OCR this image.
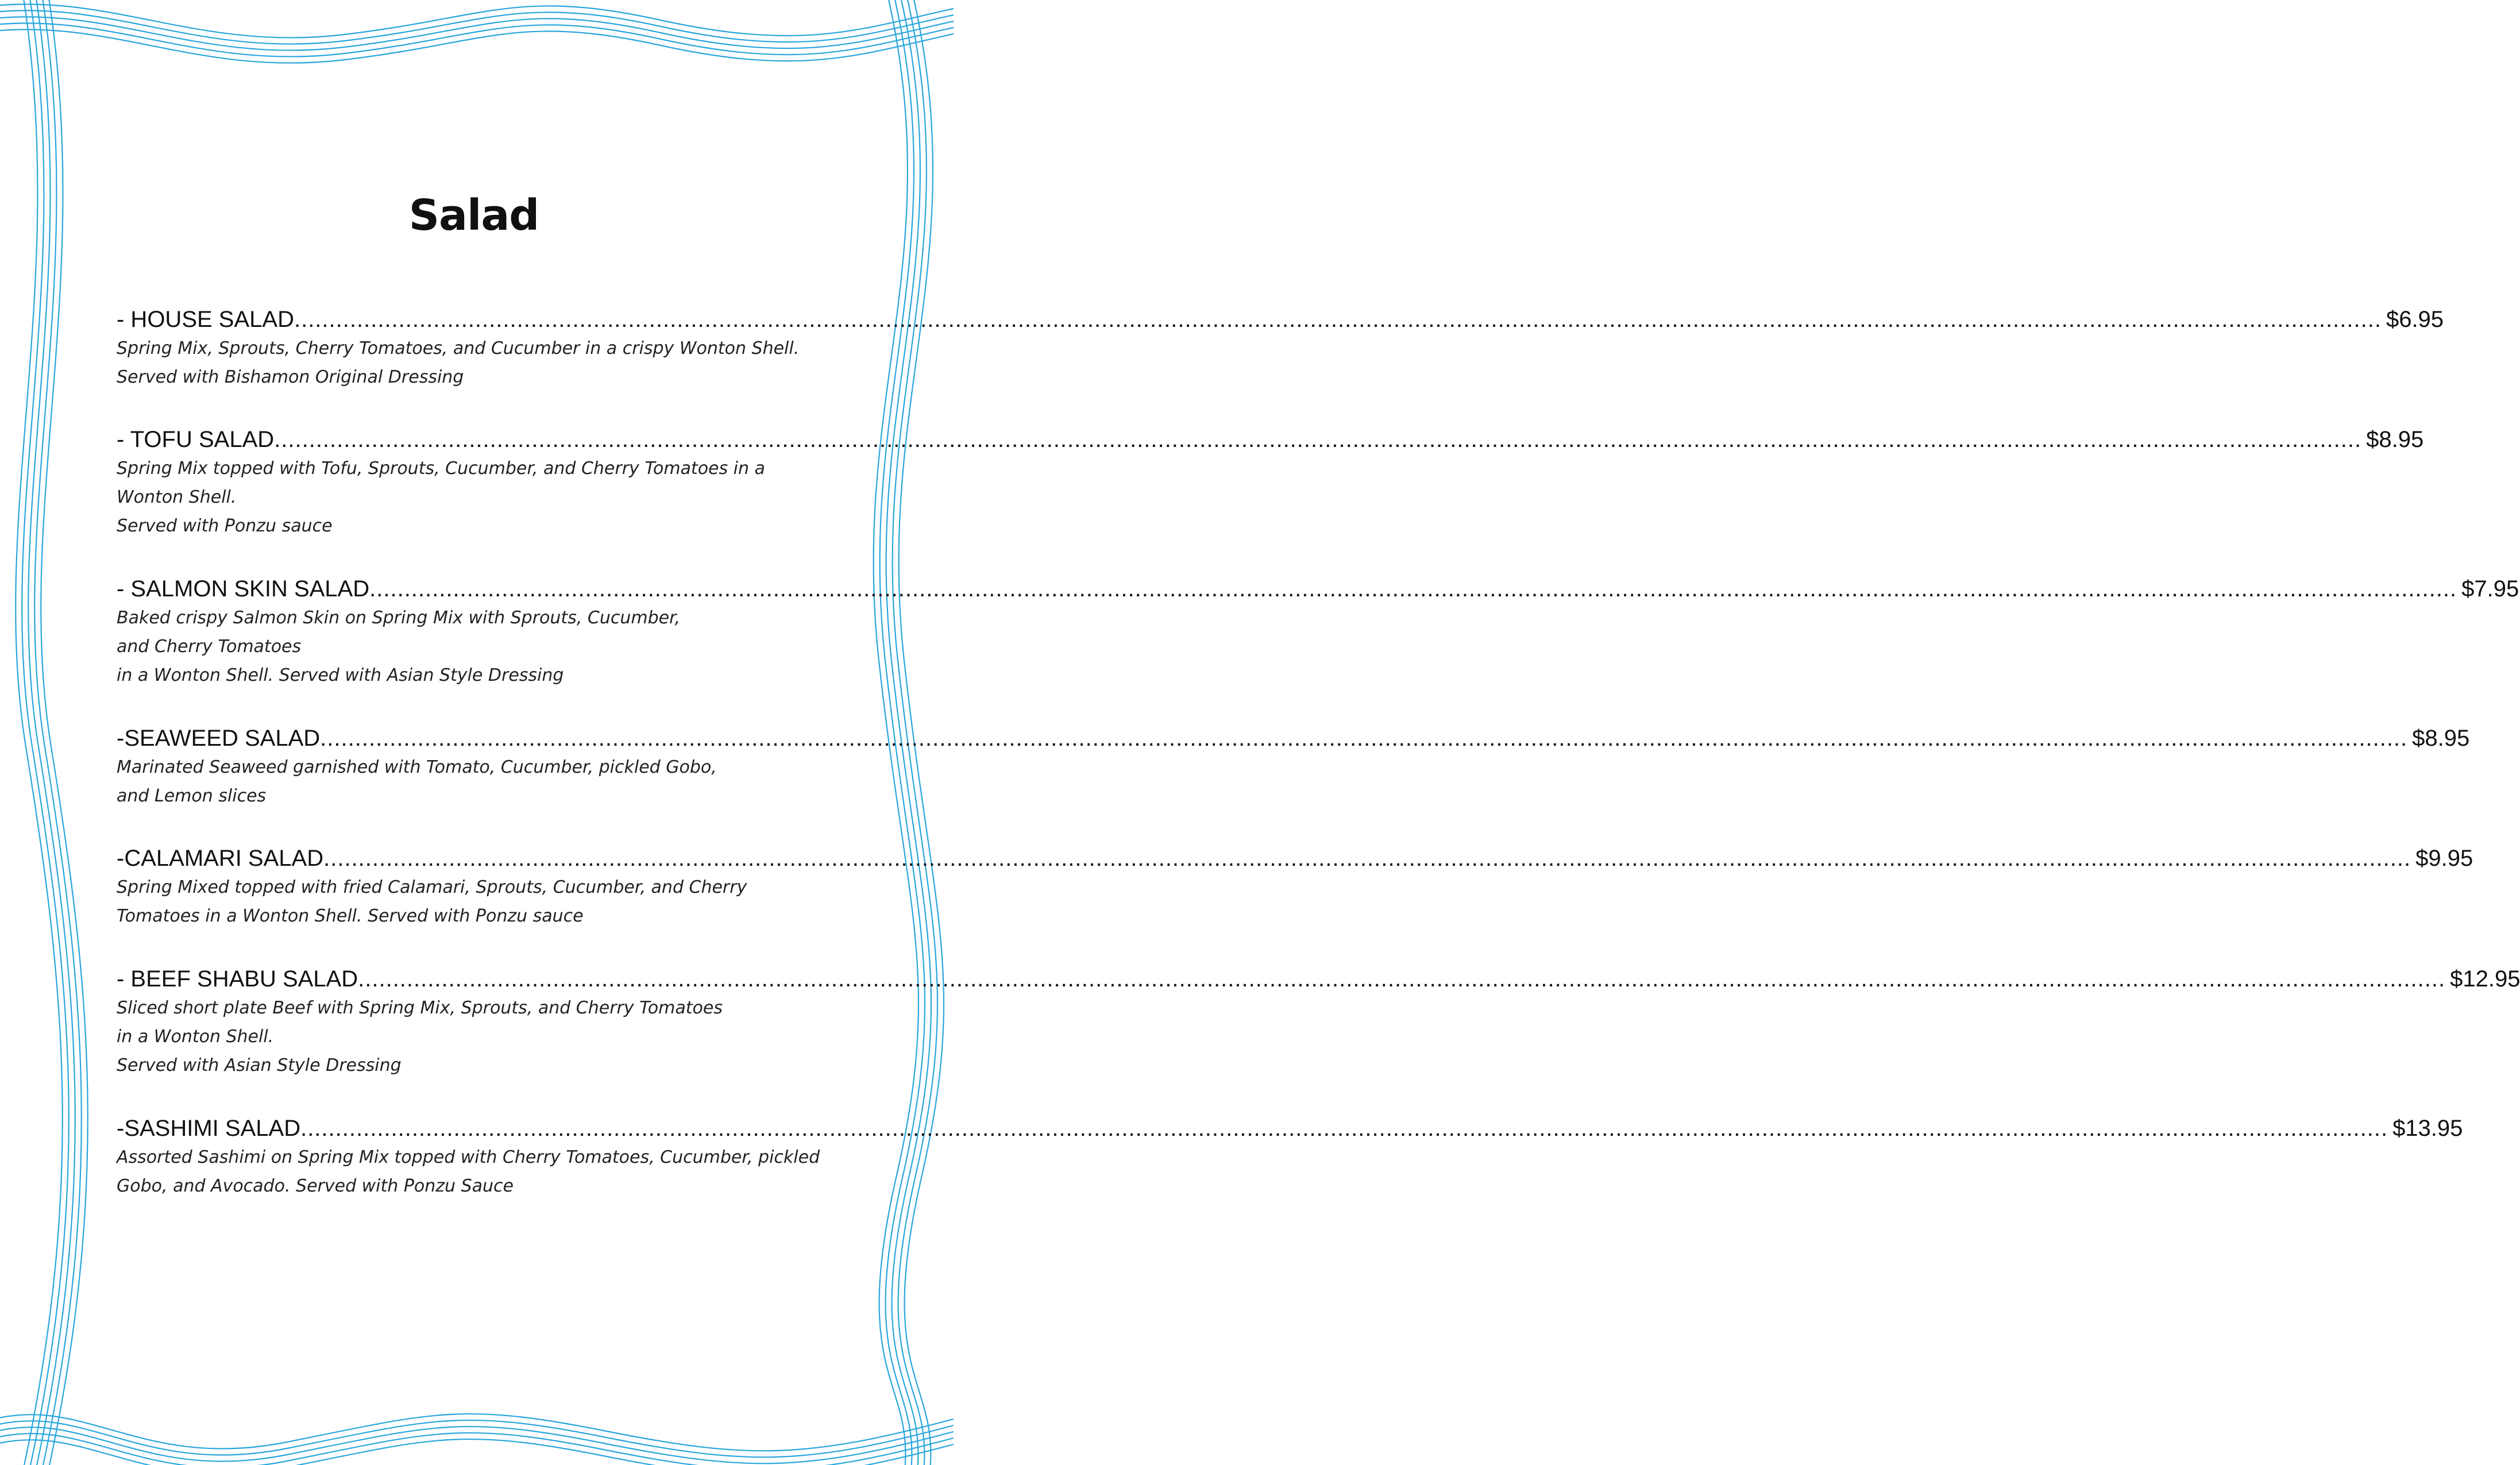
Salad
- HOUSE SALAD ............................................................................................................................................................................................................................................................................................................ $6.95
Spring Mix, Sprouts, Cherry Tomatoes, and Cucumber in a crispy Wonton Shell.
Served with Bishamon Original Dressing
- TOFU SALAD ............................................................................................................................................................................................................................................................................................................ $8.95
Spring Mix topped with Tofu, Sprouts, Cucumber, and Cherry Tomatoes in a
Wonton Shell.
Served with Ponzu sauce
- SALMON SKIN SALAD ............................................................................................................................................................................................................................................................................................................ $7.95
Baked crispy Salmon Skin on Spring Mix with Sprouts, Cucumber,
and Cherry Tomatoes
in a Wonton Shell. Served with Asian Style Dressing
-SEAWEED SALAD ............................................................................................................................................................................................................................................................................................................ $8.95
Marinated Seaweed garnished with Tomato, Cucumber, pickled Gobo,
and Lemon slices
-CALAMARI SALAD ............................................................................................................................................................................................................................................................................................................ $9.95
Spring Mixed topped with fried Calamari, Sprouts, Cucumber, and Cherry
Tomatoes in a Wonton Shell. Served with Ponzu sauce
- BEEF SHABU SALAD ............................................................................................................................................................................................................................................................................................................ $12.95
Sliced short plate Beef with Spring Mix, Sprouts, and Cherry Tomatoes
in a Wonton Shell.
Served with Asian Style Dressing
-SASHIMI SALAD ............................................................................................................................................................................................................................................................................................................ $13.95
Assorted Sashimi on Spring Mix topped with Cherry Tomatoes, Cucumber, pickled
Gobo, and Avocado. Served with Ponzu Sauce
